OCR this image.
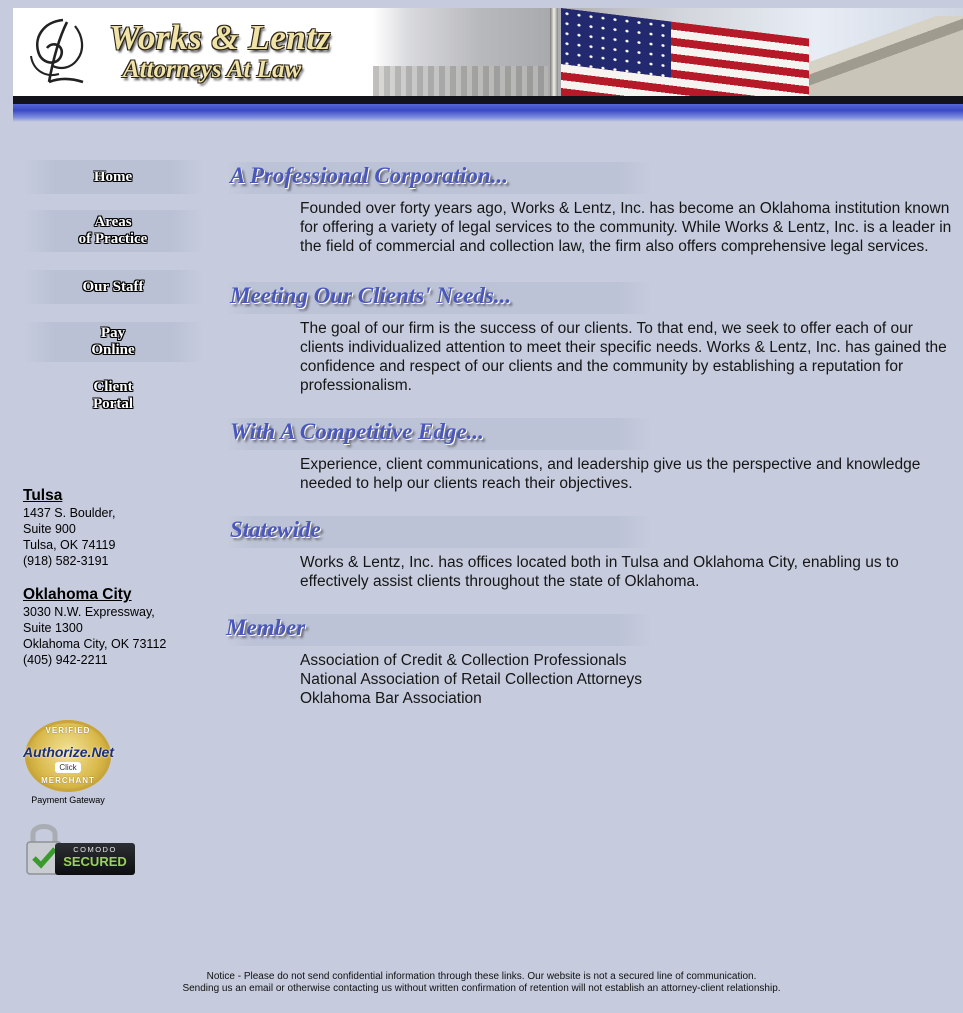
Works & Lentz
Attorneys At Law
Home
Areas
of Practice
Our Staff
Pay
Online
Client
Portal
Tulsa
1437 S. Boulder,
Suite 900
Tulsa, OK 74119
(918) 582-3191
Oklahoma City
3030 N.W. Expressway,
Suite 1300
Oklahoma City, OK 73112
(405) 942-2211
VERIFIED
Authorize.Net
Click
MERCHANT
Payment Gateway
COMODO
SECURED
A Professional Corporation...
Founded over forty years ago, Works & Lentz, Inc. has become an Oklahoma institution known for offering a variety of legal services to the community. While Works & Lentz, Inc. is a leader in the field of commercial and collection law, the firm also offers comprehensive legal services.
Meeting Our Clients' Needs...
The goal of our firm is the success of our clients. To that end, we seek to offer each of our clients individualized attention to meet their specific needs. Works & Lentz, Inc. has gained the confidence and respect of our clients and the community by establishing a reputation for professionalism.
With A Competitive Edge...
Experience, client communications, and leadership give us the perspective and knowledge needed to help our clients reach their objectives.
Statewide
Works & Lentz, Inc. has offices located both in Tulsa and Oklahoma City, enabling us to effectively assist clients throughout the state of Oklahoma.
Member
Association of Credit & Collection Professionals
National Association of Retail Collection Attorneys
Oklahoma Bar Association
Notice - Please do not send confidential information through these links. Our website is not a secured line of communication.
Sending us an email or otherwise contacting us without written confirmation of retention will not establish an attorney-client relationship.
